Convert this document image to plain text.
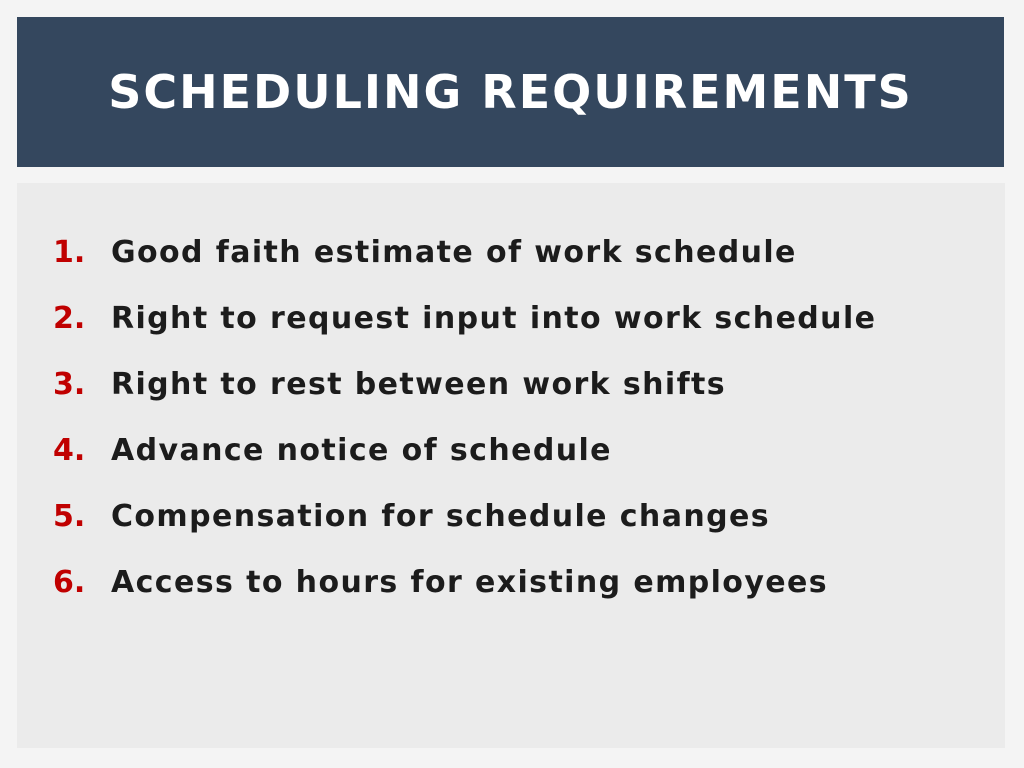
SCHEDULING REQUIREMENTS
1. Good faith estimate of work schedule
2. Right to request input into work schedule
3. Right to rest between work shifts
4. Advance notice of schedule
5. Compensation for schedule changes
6. Access to hours for existing employees
